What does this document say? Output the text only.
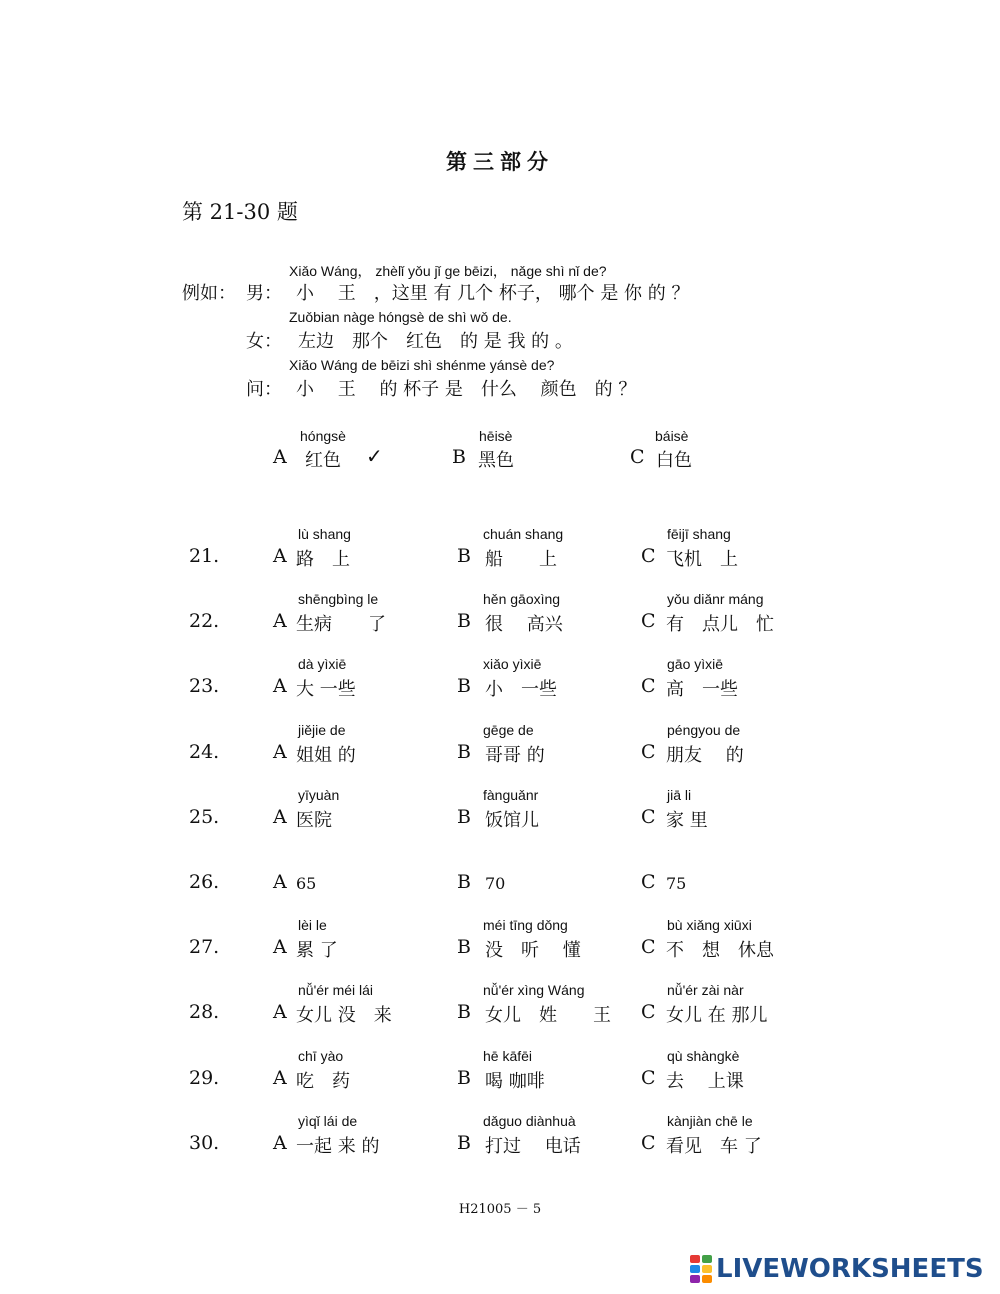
第三部分
第 21-30 题
例如： 男：
Xiǎo Wáng， zhèlǐ yǒu jǐ ge bēizi， nǎge shì nǐ de?
小　 王　，这里 有 几个 杯子， 哪个 是 你 的 ？
女：
Zuǒbian nàge hóngsè de shì wǒ de.
左边　那个　红色　的 是 我 的 。
问：
Xiǎo Wáng de bēizi shì shénme yánsè de?
小　 王　 的 杯子 是　什么　 颜色　的 ？
A
hóngsè
红色 ✓	B
hēisè
黑色	C
báisè
白色
21.	A
lù shang
路　上	B
chuán shang
船　　上	C
fēijī shang
飞机　上
22.	A
shēngbìng le
生病　　了	B
hěn gāoxìng
很　 高兴	C
yǒu diǎnr máng
有　点儿　忙
23.	A
dà yìxiē
大 一些	B
xiǎo yìxiē
小　一些	C
gāo yìxiē
高　一些
24.	A
jiějie de
姐姐 的	B
gēge de
哥哥 的	C
péngyou de
朋友　 的
25.	A
yīyuàn
医院	B
fànguǎnr
饭馆儿	C
jiā li
家 里
26.	A 65	B 70	C 75
27.	A
lèi le
累 了	B
méi tīng dǒng
没　听　 懂	C
bù xiǎng xiūxi
不　想　休息
28.	A
nǚ'ér méi lái
女儿 没　来	B
nǚ'ér xìng Wáng
女儿　姓　　王 C
nǚ'ér zài nàr
女儿 在 那儿
29.	A
chī yào
吃　药	B
hē kāfēi
喝 咖啡	C
qù shàngkè
去　 上课
30.	A
yìqǐ lái de
一起 来 的	B
dǎguo diànhuà
打过　 电话	C
kànjiàn chē le
看见　车 了
H21005 － 5
LIVEWORKSHEETS
